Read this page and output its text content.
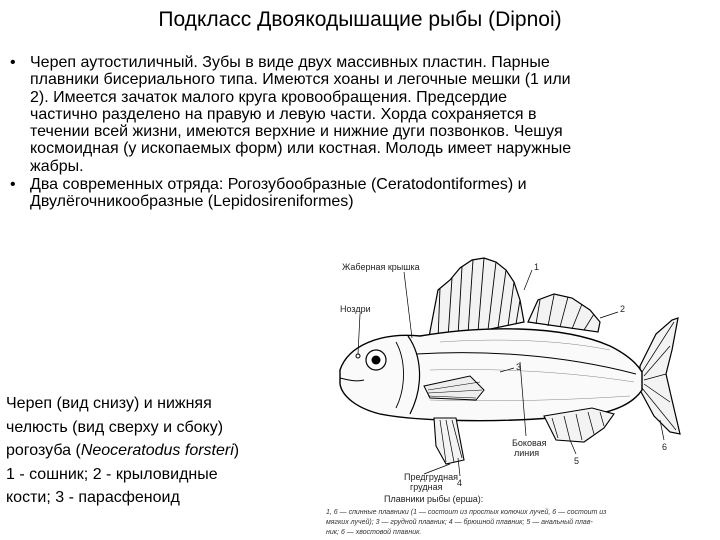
Подкласс Двоякодышащие рыбы (Dipnoi)
• Череп аутостиличный. Зубы в виде двух массивных пластин. Парные
плавники бисериального типа. Имеются хоаны и легочные мешки (1 или
2). Имеется зачаток малого круга кровообращения. Предсердие
частично разделено на правую и левую части. Хорда сохраняется в
течении всей жизни, имеются верхние и нижние дуги позвонков. Чешуя
космоидная (у ископаемых форм) или костная. Молодь имеет наружные
жабры.
• Два современных отряда: Рогозубообразные (Ceratodontiformes) и
Двулёгочникообразные (Lepidosireniformes)
Череп (вид снизу) и нижняя
челюсть (вид сверху и сбоку)
рогозуба (Neoceratodus forsteri)
1 - сошник; 2 - крыловидные
кости; 3 - парасфеноид
Жаберная крышка
Ноздри
1
2
3
4
5
6
Предгрудная
грудная
Боковая
линия
Плавники рыбы (ерша):
1, 6 — спинные плавники (1 — состоит из простых колючих лучей, 6 — состоит из
мягких лучей); 3 — грудной плавник; 4 — брюшной плавник; 5 — анальный плав-
ник; 6 — хвостовой плавник.
